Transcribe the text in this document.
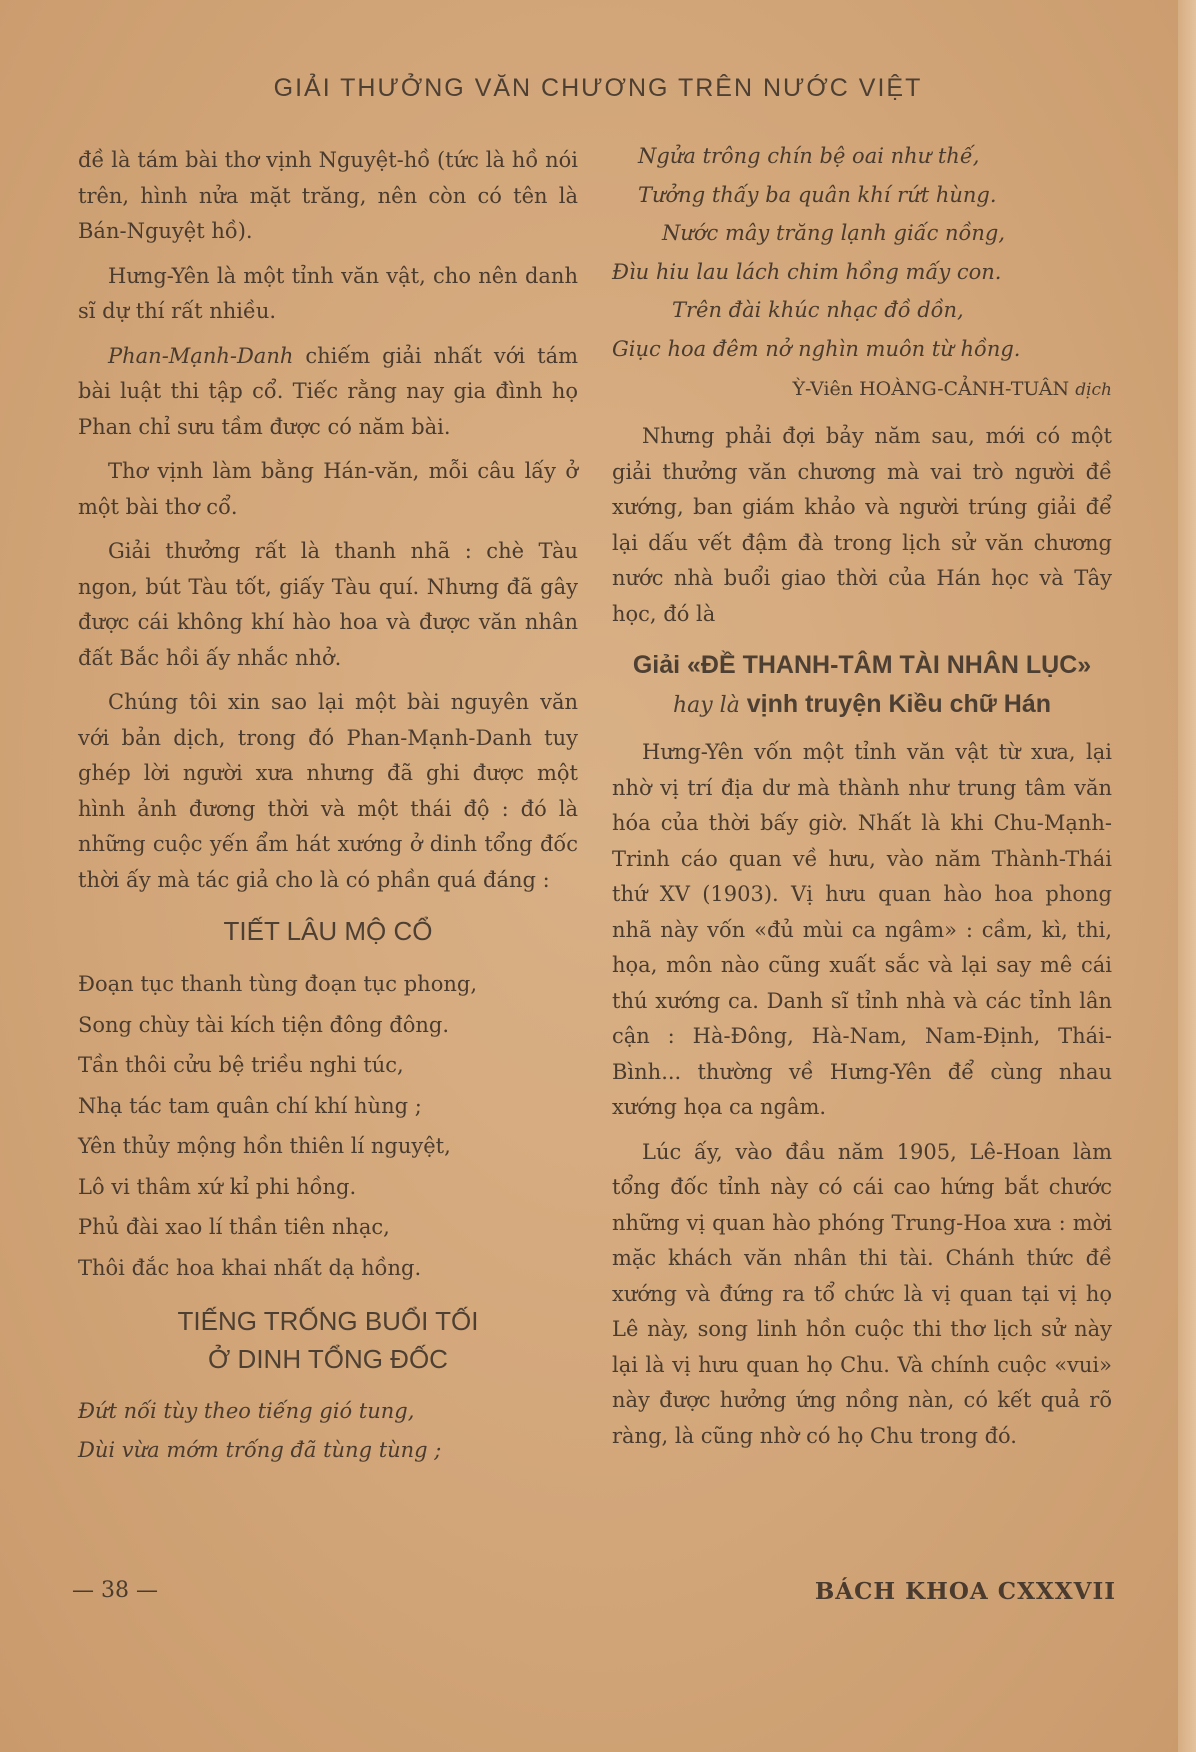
GIẢI THƯỞNG VĂN CHƯƠNG TRÊN NƯỚC VIỆT

đề là tám bài thơ vịnh Nguyệt-hồ (tức là hồ nói trên, hình nửa mặt trăng, nên còn có tên là Bán-Nguyệt hồ).

Hưng-Yên là một tỉnh văn vật, cho nên danh sĩ dự thí rất nhiều.

Phan-Mạnh-Danh chiếm giải nhất với tám bài luật thi tập cổ. Tiếc rằng nay gia đình họ Phan chỉ sưu tầm được có năm bài.

Thơ vịnh làm bằng Hán-văn, mỗi câu lấy ở một bài thơ cổ.

Giải thưởng rất là thanh nhã : chè Tàu ngon, bút Tàu tốt, giấy Tàu quí. Nhưng đã gây được cái không khí hào hoa và được văn nhân đất Bắc hồi ấy nhắc nhở.

Chúng tôi xin sao lại một bài nguyên văn với bản dịch, trong đó Phan-Mạnh-Danh tuy ghép lời người xưa nhưng đã ghi được một hình ảnh đương thời và một thái độ : đó là những cuộc yến ẩm hát xướng ở dinh tổng đốc thời ấy mà tác giả cho là có phần quá đáng :

TIẾT LÂU MỘ CỔ
Đoạn tục thanh tùng đoạn tục phong,
Song chùy tài kích tiện đông đông.
Tần thôi cửu bệ triều nghi túc,
Nhạ tác tam quân chí khí hùng ;
Yên thủy mộng hồn thiên lí nguyệt,
Lô vi thâm xứ kỉ phi hồng.
Phủ đài xao lí thần tiên nhạc,
Thôi đắc hoa khai nhất dạ hồng.
TIẾNG TRỐNG BUỔI TỐI
Ở DINH TỔNG ĐỐC
Đứt nối tùy theo tiếng gió tung,
Dùi vừa mớm trống đã tùng tùng ;
Ngửa trông chín bệ oai như thế,
Tưởng thấy ba quân khí rứt hùng.
Nước mây trăng lạnh giấc nồng,
Đìu hiu lau lách chim hồng mấy con.
Trên đài khúc nhạc đồ dồn,
Giục hoa đêm nở nghìn muôn từ hồng.
Ỳ-Viên HOÀNG-CẢNH-TUÂN dịch

Nhưng phải đợi bảy năm sau, mới có một giải thưởng văn chương mà vai trò người đề xướng, ban giám khảo và người trúng giải để lại dấu vết đậm đà trong lịch sử văn chương nước nhà buổi giao thời của Hán học và Tây học, đó là

Giải «ĐỀ THANH-TÂM TÀI NHÂN LỤC» hay là vịnh truyện Kiều chữ Hán

Hưng-Yên vốn một tỉnh văn vật từ xưa, lại nhờ vị trí địa dư mà thành như trung tâm văn hóa của thời bấy giờ. Nhất là khi Chu-Mạnh-Trinh cáo quan về hưu, vào năm Thành-Thái thứ XV (1903). Vị hưu quan hào hoa phong nhã này vốn «đủ mùi ca ngâm» : cầm, kì, thi, họa, môn nào cũng xuất sắc và lại say mê cái thú xướng ca. Danh sĩ tỉnh nhà và các tỉnh lân cận : Hà-Đông, Hà-Nam, Nam-Định, Thái-Bình... thường về Hưng-Yên để cùng nhau xướng họa ca ngâm.

Lúc ấy, vào đầu năm 1905, Lê-Hoan làm tổng đốc tỉnh này có cái cao hứng bắt chước những vị quan hào phóng Trung-Hoa xưa : mời mặc khách văn nhân thi tài. Chánh thức đề xướng và đứng ra tổ chức là vị quan tại vị họ Lê này, song linh hồn cuộc thi thơ lịch sử này lại là vị hưu quan họ Chu. Và chính cuộc «vui» này được hưởng ứng nồng nàn, có kết quả rõ ràng, là cũng nhờ có họ Chu trong đó.

— 38 —	BÁCH KHOA CXXXVII
